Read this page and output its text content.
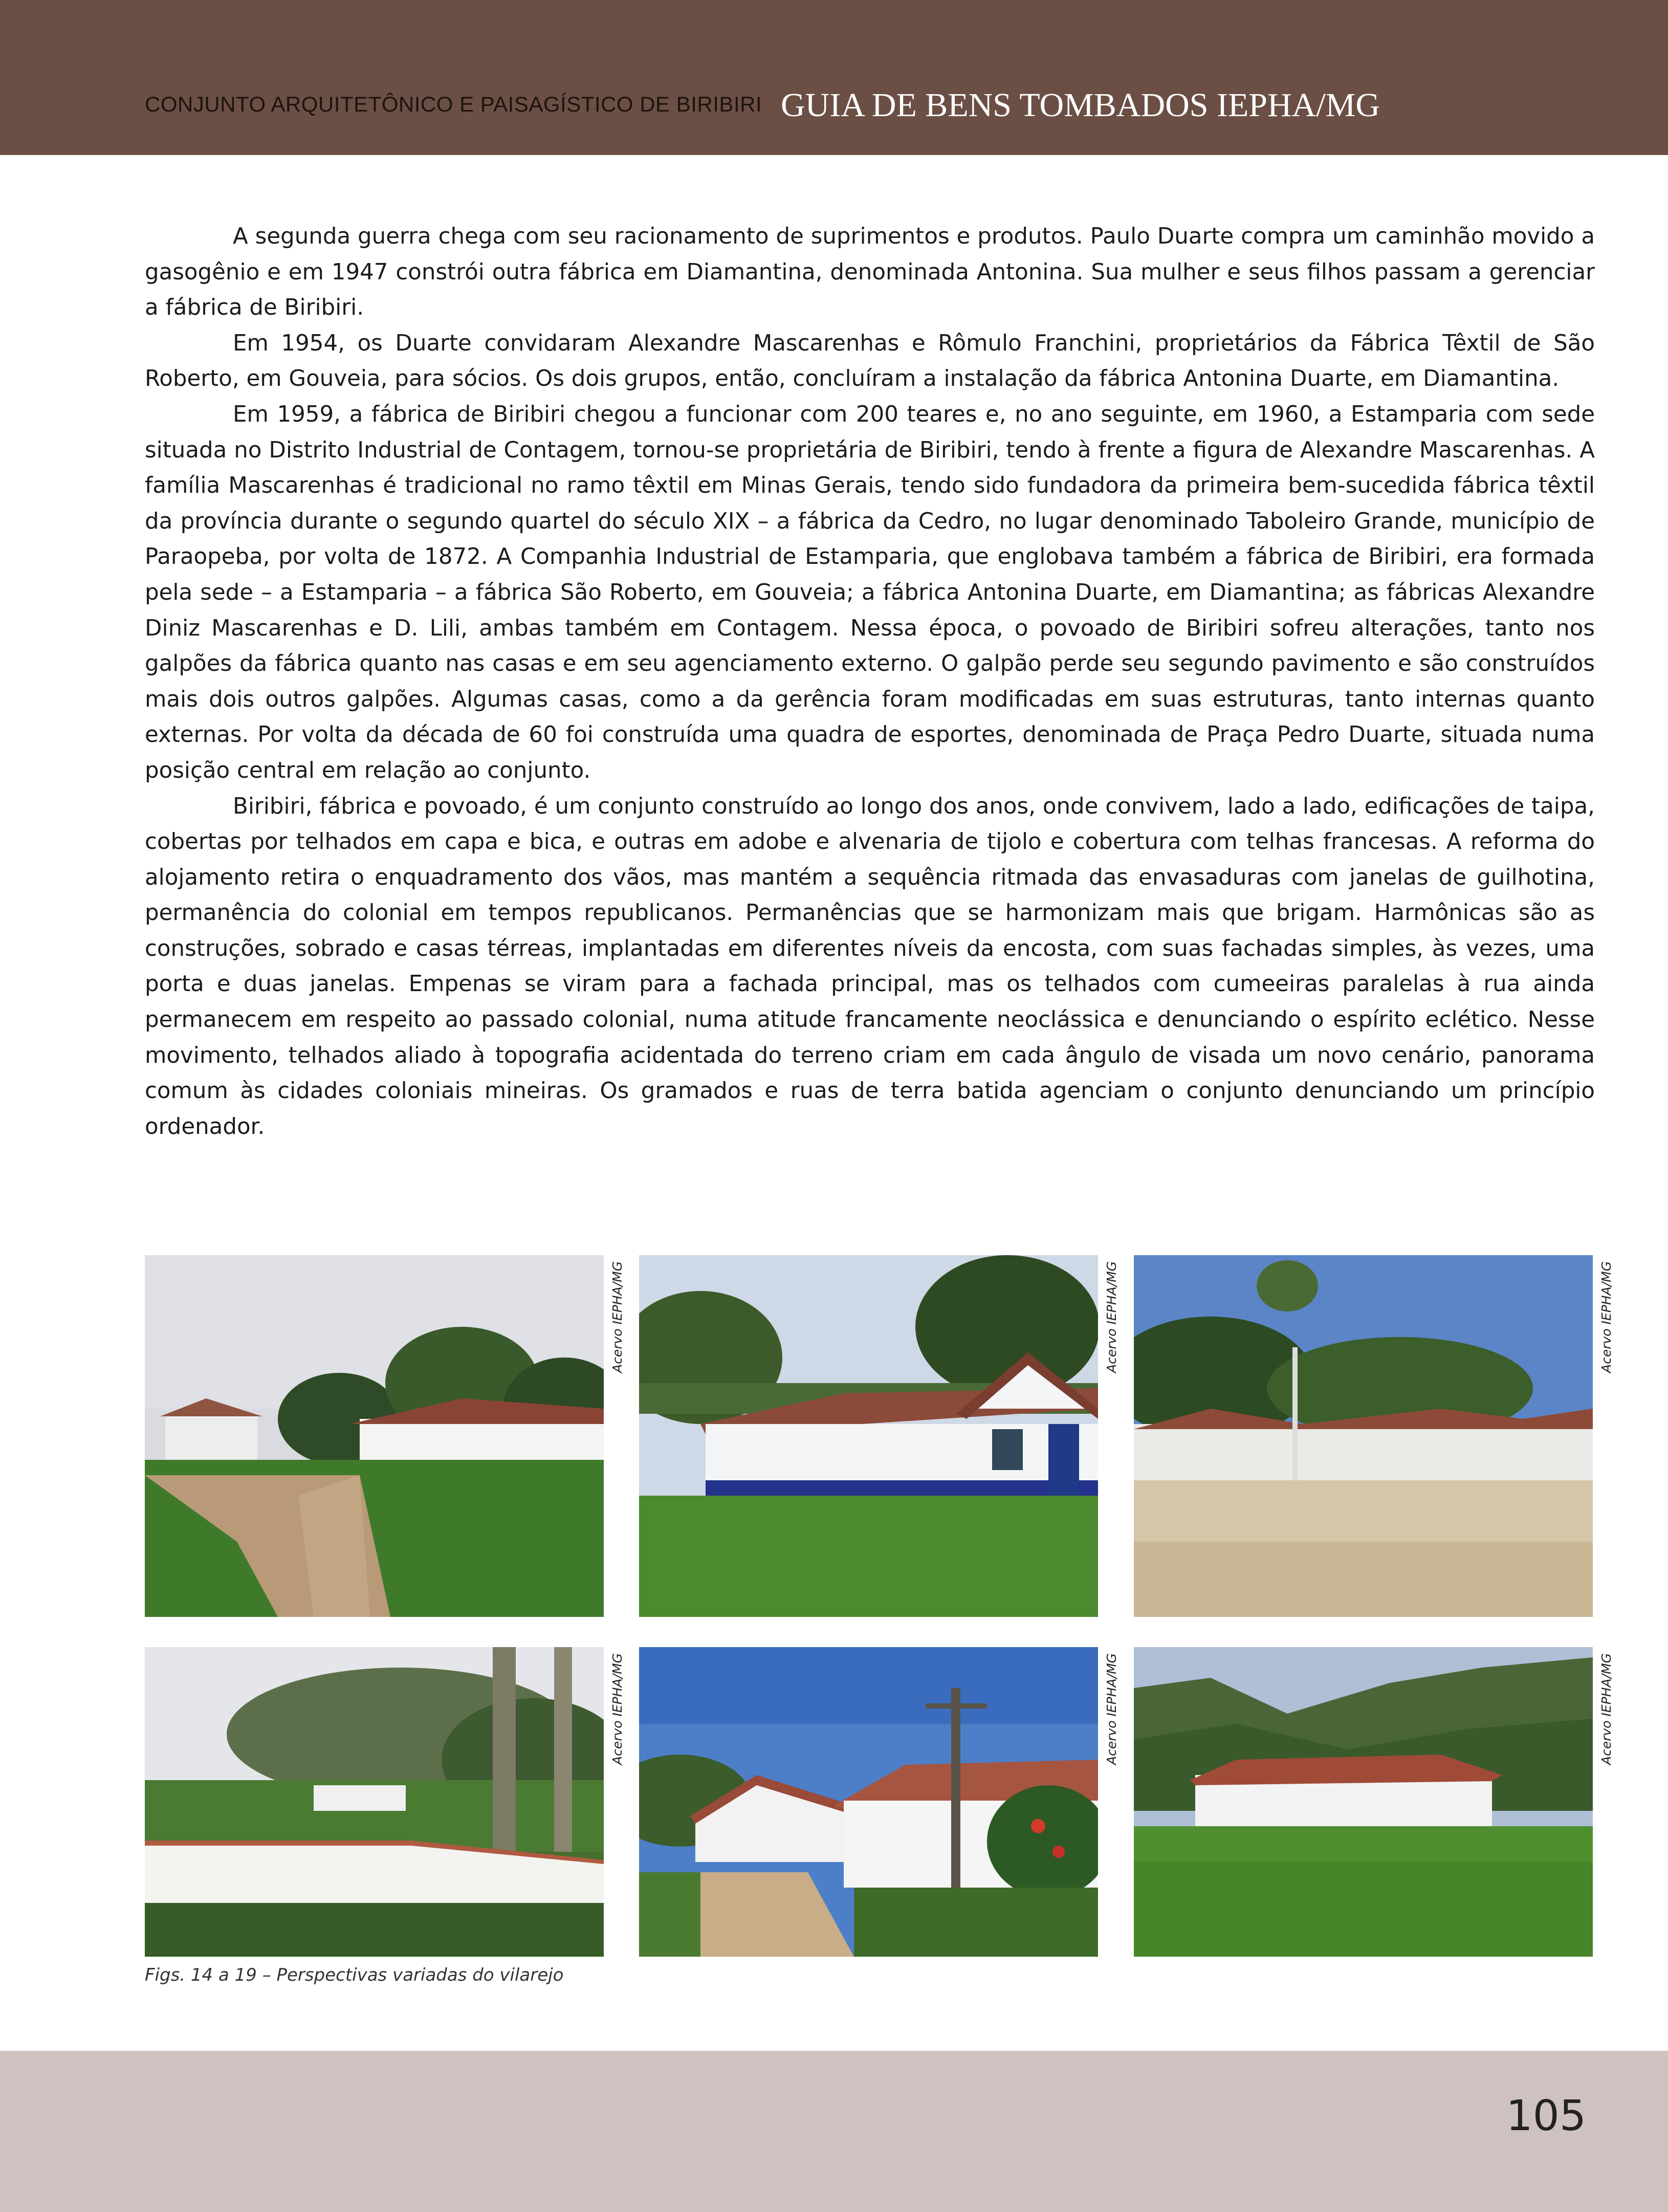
CONJUNTO ARQUITETÔNICO E PAISAGÍSTICO DE BIRIBIRI GUIA DE BENS TOMBADOS IEPHA/MG

A segunda guerra chega com seu racionamento de suprimentos e produtos. Paulo Duarte compra um caminhão movido a gasogênio e em 1947 constrói outra fábrica em Diamantina, denominada Antonina. Sua mulher e seus filhos passam a gerenciar a fábrica de Biribiri.

Em 1954, os Duarte convidaram Alexandre Mascarenhas e Rômulo Franchini, proprietários da Fábrica Têxtil de São Roberto, em Gouveia, para sócios. Os dois grupos, então, concluíram a instalação da fábrica Antonina Duarte, em Diamantina.

Em 1959, a fábrica de Biribiri chegou a funcionar com 200 teares e, no ano seguinte, em 1960, a Estamparia com sede situada no Distrito Industrial de Contagem, tornou-se proprietária de Biribiri, tendo à frente a figura de Alexandre Mascarenhas. A família Mascarenhas é tradicional no ramo têxtil em Minas Gerais, tendo sido fundadora da primeira bem-sucedida fábrica têxtil da província durante o segundo quartel do século XIX – a fábrica da Cedro, no lugar denominado Taboleiro Grande, município de Paraopeba, por volta de 1872. A Companhia Industrial de Estamparia, que englobava também a fábrica de Biribiri, era formada pela sede – a Estamparia – a fábrica São Roberto, em Gouveia; a fábrica Antonina Duarte, em Diamantina; as fábricas Alexandre Diniz Mascarenhas e D. Lili, ambas também em Contagem. Nessa época, o povoado de Biribiri sofreu alterações, tanto nos galpões da fábrica quanto nas casas e em seu agenciamento externo. O galpão perde seu segundo pavimento e são construídos mais dois outros galpões. Algumas casas, como a da gerência foram modificadas em suas estruturas, tanto internas quanto externas. Por volta da década de 60 foi construída uma quadra de esportes, denominada de Praça Pedro Duarte, situada numa posição central em relação ao conjunto.

Biribiri, fábrica e povoado, é um conjunto construído ao longo dos anos, onde convivem, lado a lado, edificações de taipa, cobertas por telhados em capa e bica, e outras em adobe e alvenaria de tijolo e cobertura com telhas francesas. A reforma do alojamento retira o enquadramento dos vãos, mas mantém a sequência ritmada das envasaduras com janelas de guilhotina, permanência do colonial em tempos republicanos. Permanências que se harmonizam mais que brigam. Harmônicas são as construções, sobrado e casas térreas, implantadas em diferentes níveis da encosta, com suas fachadas simples, às vezes, uma porta e duas janelas. Empenas se viram para a fachada principal, mas os telhados com cumeeiras paralelas à rua ainda permanecem em respeito ao passado colonial, numa atitude francamente neoclássica e denunciando o espírito eclético. Nesse movimento, telhados aliado à topografia acidentada do terreno criam em cada ângulo de visada um novo cenário, panorama comum às cidades coloniais mineiras. Os gramados e ruas de terra batida agenciam o conjunto denunciando um princípio ordenador.

Acervo IEPHA/MG	Acervo IEPHA/MG	Acervo IEPHA/MG
Acervo IEPHA/MG	Acervo IEPHA/MG	Acervo IEPHA/MG
Figs. 14 a 19 – Perspectivas variadas do vilarejo
105
